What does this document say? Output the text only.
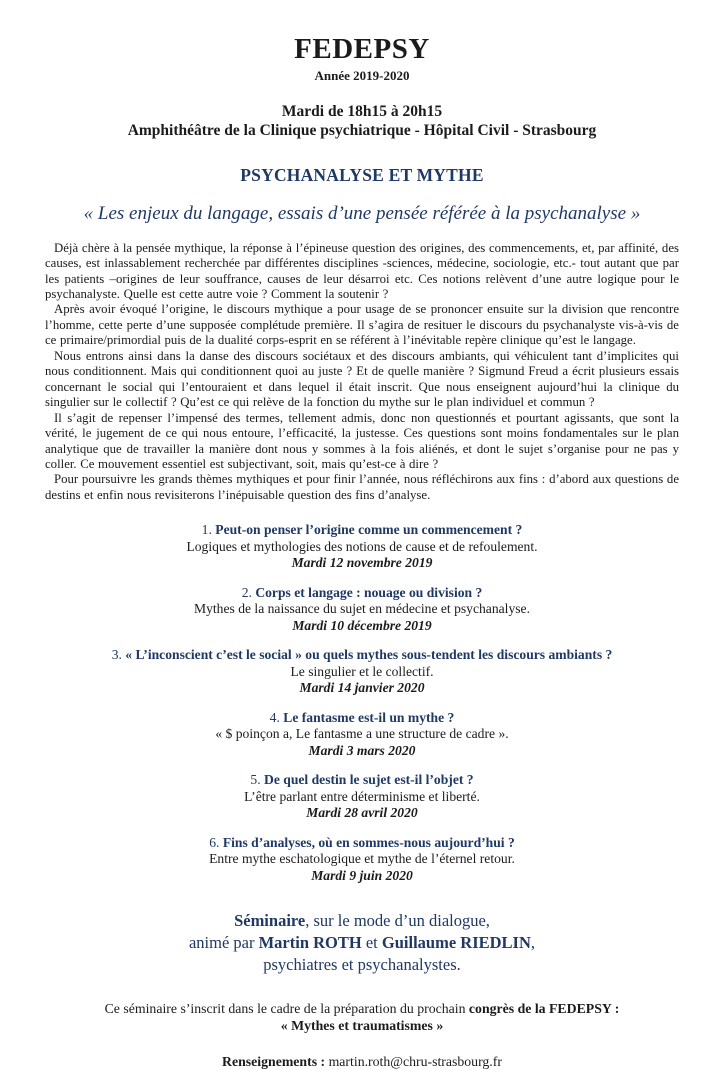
FEDEPSY
Année 2019-2020
Mardi de 18h15 à 20h15
Amphithéâtre de la Clinique psychiatrique - Hôpital Civil - Strasbourg
PSYCHANALYSE ET MYTHE
« Les enjeux du langage, essais d’une pensée référée à la psychanalyse »

Déjà chère à la pensée mythique, la réponse à l’épineuse question des origines, des commencements, et, par affinité, des causes, est inlassablement recherchée par différentes disciplines -sciences, médecine, sociologie, etc.- tout autant que par les patients –origines de leur souffrance, causes de leur désarroi etc. Ces notions relèvent d’une autre logique pour le psychanalyste. Quelle est cette autre voie ? Comment la soutenir ?

Après avoir évoqué l’origine, le discours mythique a pour usage de se prononcer ensuite sur la division que rencontre l’homme, cette perte d’une supposée complétude première. Il s’agira de resituer le discours du psychanalyste vis-à-vis de ce primaire/primordial puis de la dualité corps-esprit en se référent à l’inévitable repère clinique qu’est le langage.

Nous entrons ainsi dans la danse des discours sociétaux et des discours ambiants, qui véhiculent tant d’implicites qui nous conditionnent. Mais qui conditionnent quoi au juste ? Et de quelle manière ? Sigmund Freud a écrit plusieurs essais concernant le social qui l’entouraient et dans lequel il était inscrit. Que nous enseignent aujourd’hui la clinique du singulier sur le collectif ? Qu’est ce qui relève de la fonction du mythe sur le plan individuel et commun ?

Il s’agit de repenser l’impensé des termes, tellement admis, donc non questionnés et pourtant agissants, que sont la vérité, le jugement de ce qui nous entoure, l’efficacité, la justesse. Ces questions sont moins fondamentales sur le plan analytique que de travailler la manière dont nous y sommes à la fois aliénés, et dont le sujet s’organise pour ne pas y coller. Ce mouvement essentiel est subjectivant, soit, mais qu’est-ce à dire ?

Pour poursuivre les grands thèmes mythiques et pour finir l’année, nous réfléchirons aux fins : d’abord aux questions de destins et enfin nous revisiterons l’inépuisable question des fins d’analyse.

1. Peut-on penser l’origine comme un commencement ?
Logiques et mythologies des notions de cause et de refoulement.
Mardi 12 novembre 2019
2. Corps et langage : nouage ou division ?
Mythes de la naissance du sujet en médecine et psychanalyse.
Mardi 10 décembre 2019
3. « L’inconscient c’est le social » ou quels mythes sous-tendent les discours ambiants ?
Le singulier et le collectif.
Mardi 14 janvier 2020
4. Le fantasme est-il un mythe ?
« $ poinçon a, Le fantasme a une structure de cadre ».
Mardi 3 mars 2020
5. De quel destin le sujet est-il l’objet ?
L’être parlant entre déterminisme et liberté.
Mardi 28 avril 2020
6. Fins d’analyses, où en sommes-nous aujourd’hui ?
Entre mythe eschatologique et mythe de l’éternel retour.
Mardi 9 juin 2020
Séminaire, sur le mode d’un dialogue,
animé par Martin ROTH et Guillaume RIEDLIN,
psychiatres et psychanalystes.
Ce séminaire s’inscrit dans le cadre de la préparation du prochain congrès de la FEDEPSY :
« Mythes et traumatismes »
Renseignements : martin.roth@chru-strasbourg.fr
